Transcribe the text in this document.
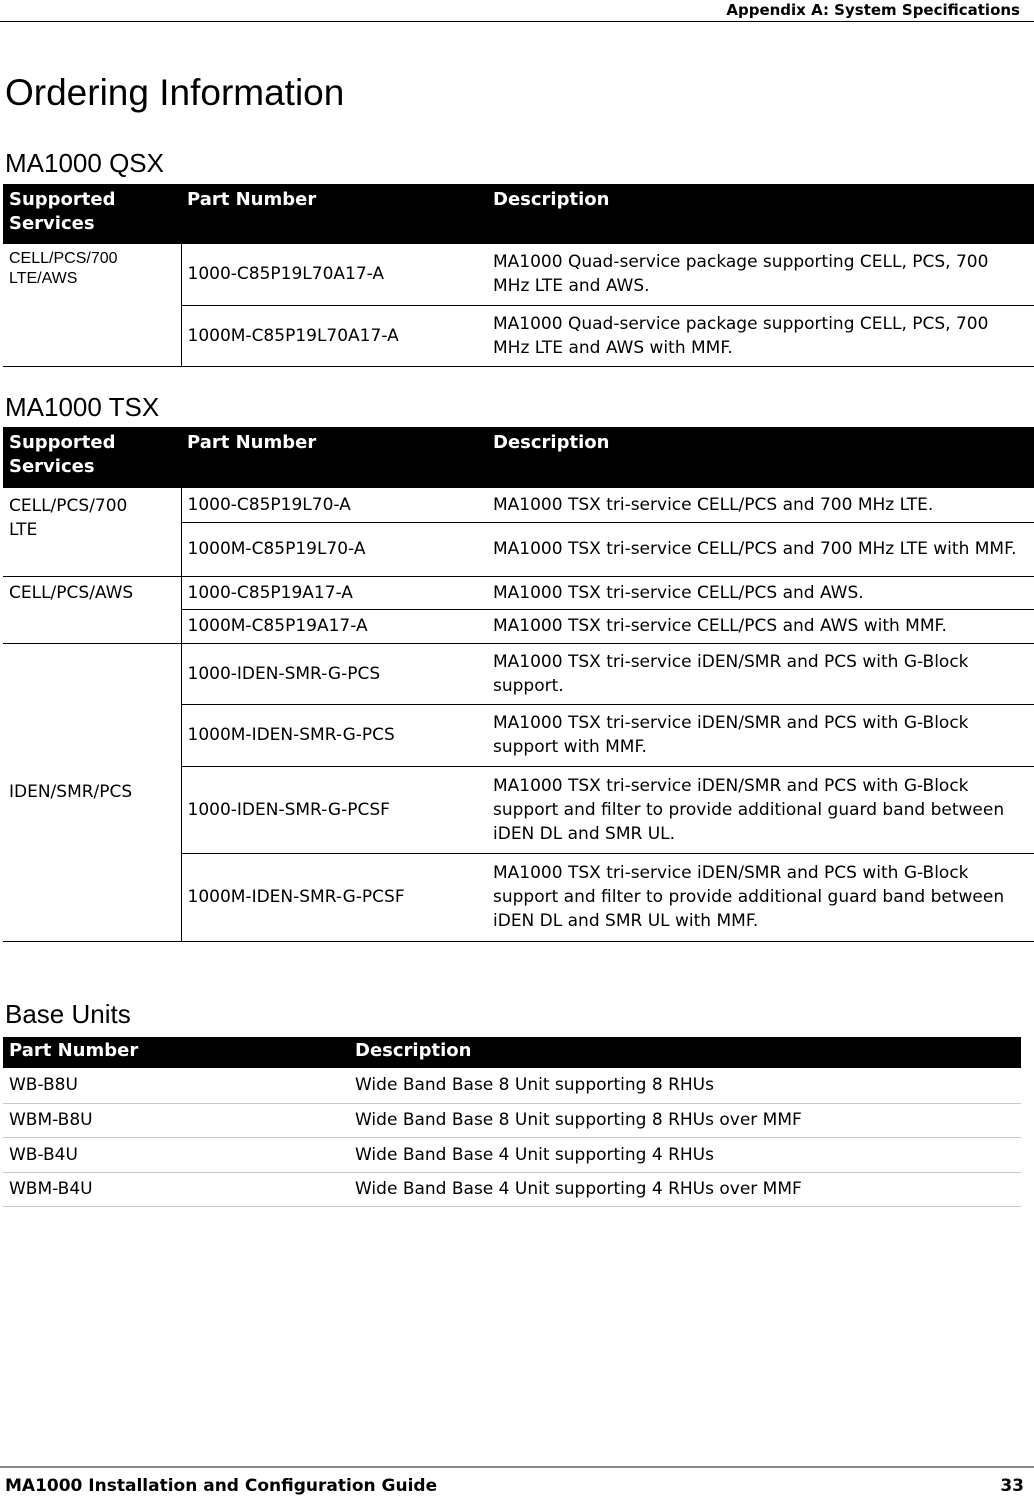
Appendix A: System Specifications
Ordering Information
MA1000 QSX
Supported Services	Part Number	Description

CELL/PCS/700 LTE/AWS	1000-C85P19L70A17-A	MA1000 Quad-service package supporting CELL, PCS, 700 MHz LTE and AWS.
	1000M-C85P19L70A17-A	MA1000 Quad-service package supporting CELL, PCS, 700 MHz LTE and AWS with MMF.
MA1000 TSX
Supported Services	Part Number	Description

CELL/PCS/700 LTE	1000-C85P19L70-A	MA1000 TSX tri-service CELL/PCS and 700 MHz LTE.
	1000M-C85P19L70-A	MA1000 TSX tri-service CELL/PCS and 700 MHz LTE with MMF.
CELL/PCS/AWS	1000-C85P19A17-A	MA1000 TSX tri-service CELL/PCS and AWS.
	1000M-C85P19A17-A	MA1000 TSX tri-service CELL/PCS and AWS with MMF.
IDEN/SMR/PCS	1000-IDEN-SMR-G-PCS	MA1000 TSX tri-service iDEN/SMR and PCS with G-Block support.
	1000M-IDEN-SMR-G-PCS	MA1000 TSX tri-service iDEN/SMR and PCS with G-Block support with MMF.
	1000-IDEN-SMR-G-PCSF	MA1000 TSX tri-service iDEN/SMR and PCS with G-Block support and filter to provide additional guard band between iDEN DL and SMR UL.
	1000M-IDEN-SMR-G-PCSF	MA1000 TSX tri-service iDEN/SMR and PCS with G-Block support and filter to provide additional guard band between iDEN DL and SMR UL with MMF.
Base Units
Part Number	Description
WB-B8U	Wide Band Base 8 Unit supporting 8 RHUs
WBM-B8U	Wide Band Base 8 Unit supporting 8 RHUs over MMF
WB-B4U	Wide Band Base 4 Unit supporting 4 RHUs
WBM-B4U	Wide Band Base 4 Unit supporting 4 RHUs over MMF
MA1000 Installation and Configuration Guide	33
